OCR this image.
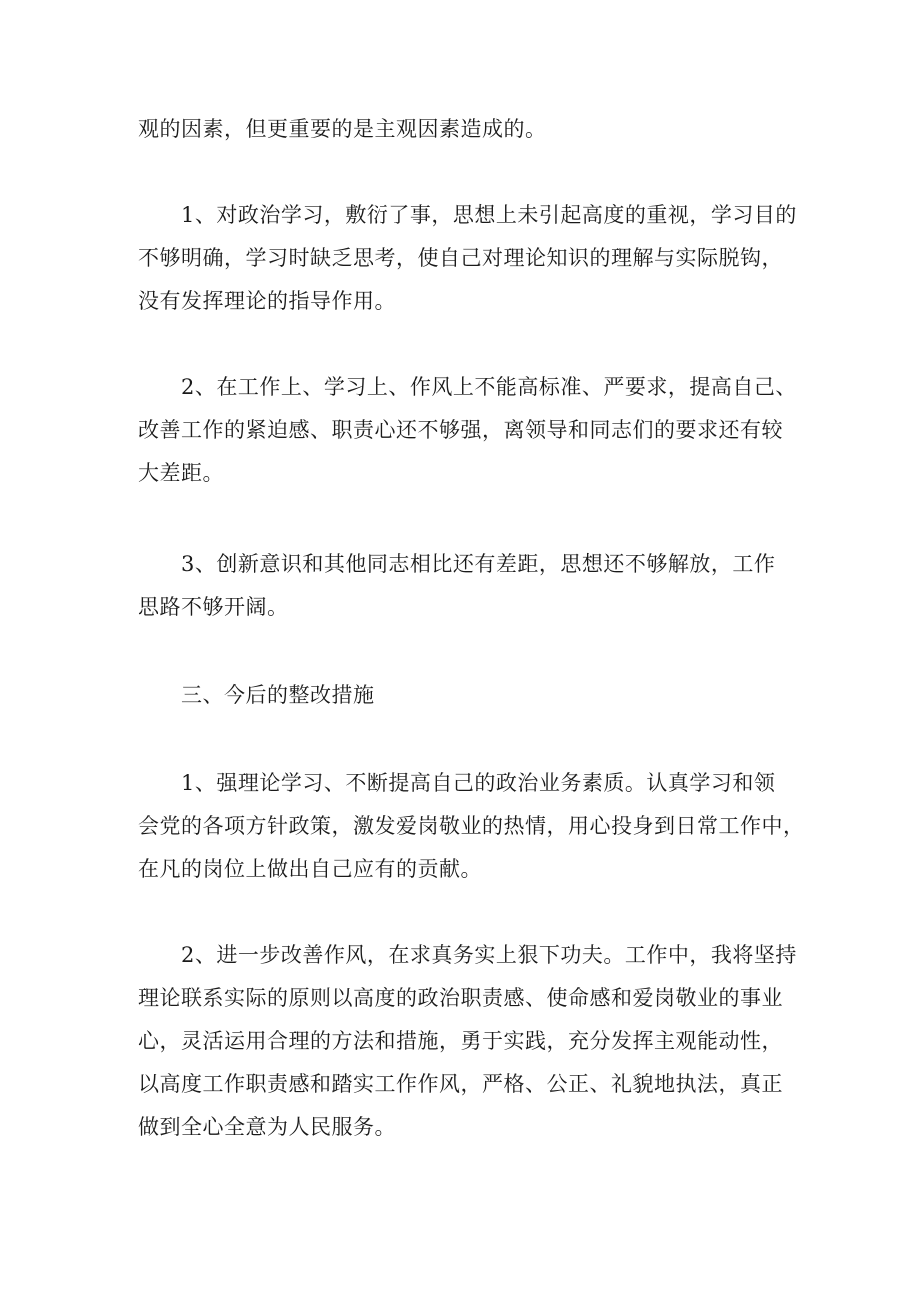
观的因素，但更重要的是主观因素造成的。

　　1、对政治学习，敷衍了事，思想上未引起高度的重视，学习目的
不够明确，学习时缺乏思考，使自己对理论知识的理解与实际脱钩，
没有发挥理论的指导作用。

　　2、在工作上、学习上、作风上不能高标准、严要求，提高自己、
改善工作的紧迫感、职责心还不够强，离领导和同志们的要求还有较
大差距。

　　3、创新意识和其他同志相比还有差距，思想还不够解放，工作
思路不够开阔。

　　三、今后的整改措施

　　1、强理论学习、不断提高自己的政治业务素质。认真学习和领
会党的各项方针政策，激发爱岗敬业的热情，用心投身到日常工作中，
在凡的岗位上做出自己应有的贡献。

　　2、进一步改善作风，在求真务实上狠下功夫。工作中，我将坚持
理论联系实际的原则以高度的政治职责感、使命感和爱岗敬业的事业
心，灵活运用合理的方法和措施，勇于实践，充分发挥主观能动性，
以高度工作职责感和踏实工作作风，严格、公正、礼貌地执法，真正
做到全心全意为人民服务。
